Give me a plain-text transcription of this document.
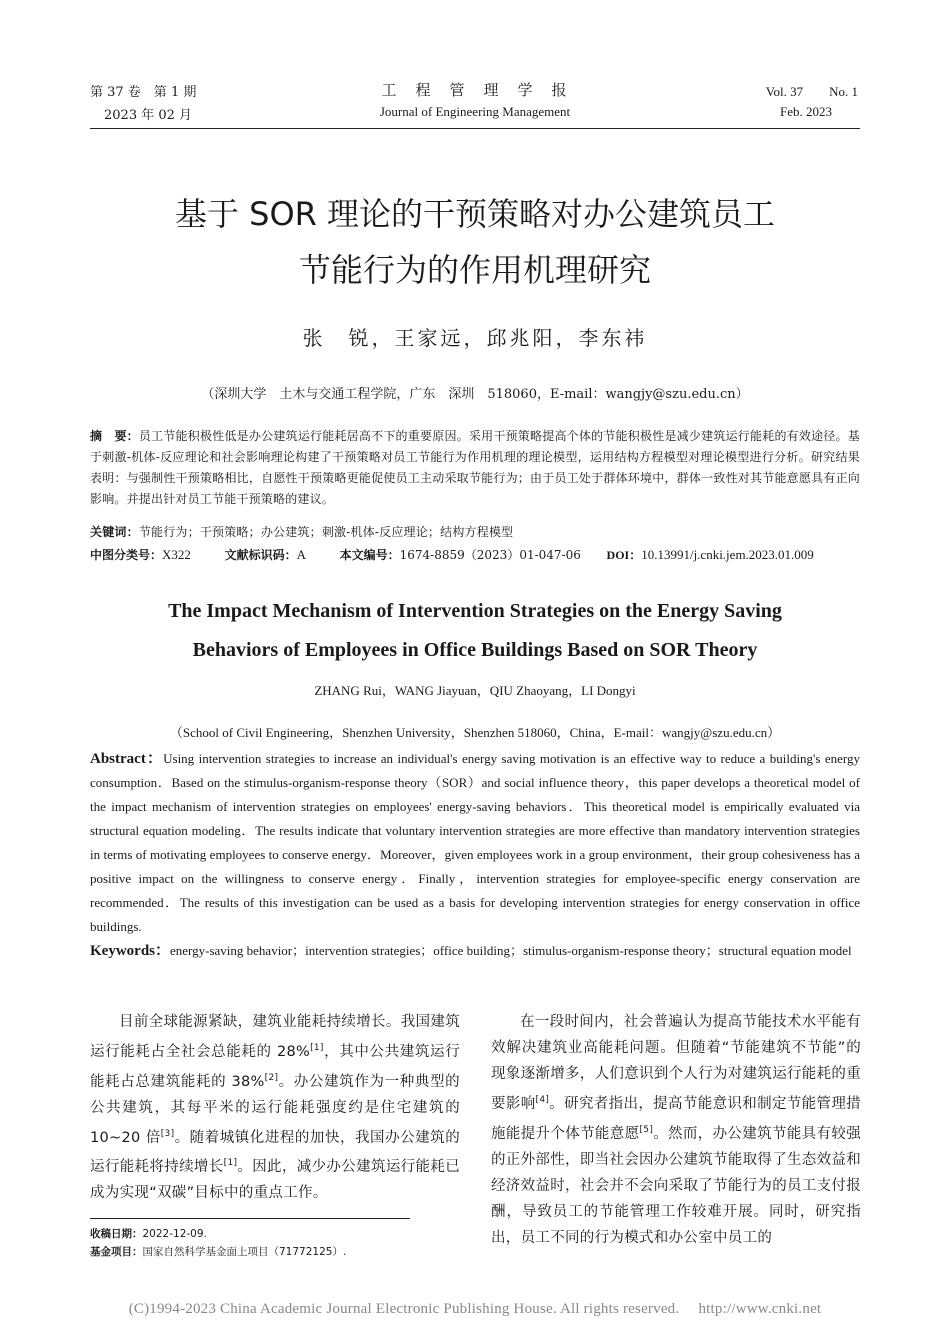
第 37 卷　第 1 期
2023 年 02 月
工　程　管　理　学　报
Journal of Engineering Management
Vol. 37　　No. 1
Feb. 2023
基于 SOR 理论的干预策略对办公建筑员工
节能行为的作用机理研究
张　锐，王家远，邱兆阳，李东祎
（深圳大学　土木与交通工程学院，广东　深圳　518060，E-mail：wangjy@szu.edu.cn）
摘　要：员工节能积极性低是办公建筑运行能耗居高不下的重要原因。采用干预策略提高个体的节能积极性是减少建筑运行能耗的有效途径。基于刺激-机体-反应理论和社会影响理论构建了干预策略对员工节能行为作用机理的理论模型，运用结构方程模型对理论模型进行分析。研究结果表明：与强制性干预策略相比，自愿性干预策略更能促使员工主动采取节能行为；由于员工处于群体环境中，群体一致性对其节能意愿具有正向影响。并提出针对员工节能干预策略的建议。
关键词：节能行为；干预策略；办公建筑；刺激-机体-反应理论；结构方程模型
中图分类号：X322	文献标识码：A	本文编号：1674-8859（2023）01-047-06 DOI：10.13991/j.cnki.jem.2023.01.009
The Impact Mechanism of Intervention Strategies on the Energy Saving
Behaviors of Employees in Office Buildings Based on SOR Theory
ZHANG Rui，WANG Jiayuan，QIU Zhaoyang，LI Dongyi
（School of Civil Engineering，Shenzhen University，Shenzhen 518060，China，E-mail：wangjy@szu.edu.cn）
Abstract：Using intervention strategies to increase an individual's energy saving motivation is an effective way to reduce a building's energy consumption．Based on the stimulus-organism-response theory（SOR）and social influence theory，this paper develops a theoretical model of the impact mechanism of intervention strategies on employees' energy-saving behaviors．This theoretical model is empirically evaluated via structural equation modeling．The results indicate that voluntary intervention strategies are more effective than mandatory intervention strategies in terms of motivating employees to conserve energy．Moreover，given employees work in a group environment，their group cohesiveness has a positive impact on the willingness to conserve energy．Finally，intervention strategies for employee-specific energy conservation are recommended．The results of this investigation can be used as a basis for developing intervention strategies for energy conservation in office buildings.
Keywords：energy-saving behavior；intervention strategies；office building；stimulus-organism-response theory；structural equation model
目前全球能源紧缺，建筑业能耗持续增长。我国建筑运行能耗占全社会总能耗的 28%[1]，其中公共建筑运行能耗占总建筑能耗的 38%[2]。办公建筑作为一种典型的公共建筑，其每平米的运行能耗强度约是住宅建筑的 10~20 倍[3]。随着城镇化进程的加快，我国办公建筑的运行能耗将持续增长[1]。因此，减少办公建筑运行能耗已成为实现“双碳”目标中的重点工作。
在一段时间内，社会普遍认为提高节能技术水平能有效解决建筑业高能耗问题。但随着“节能建筑不节能”的现象逐渐增多，人们意识到个人行为对建筑运行能耗的重要影响[4]。研究者指出，提高节能意识和制定节能管理措施能提升个体节能意愿[5]。然而，办公建筑节能具有较强的正外部性，即当社会因办公建筑节能取得了生态效益和经济效益时，社会并不会向采取了节能行为的员工支付报酬，导致员工的节能管理工作较难开展。同时，研究指出，员工不同的行为模式和办公室中员工的
收稿日期：2022-12-09.
基金项目：国家自然科学基金面上项目（71772125）.
(C)1994-2023 China Academic Journal Electronic Publishing House. All rights reserved.　 http://www.cnki.net
